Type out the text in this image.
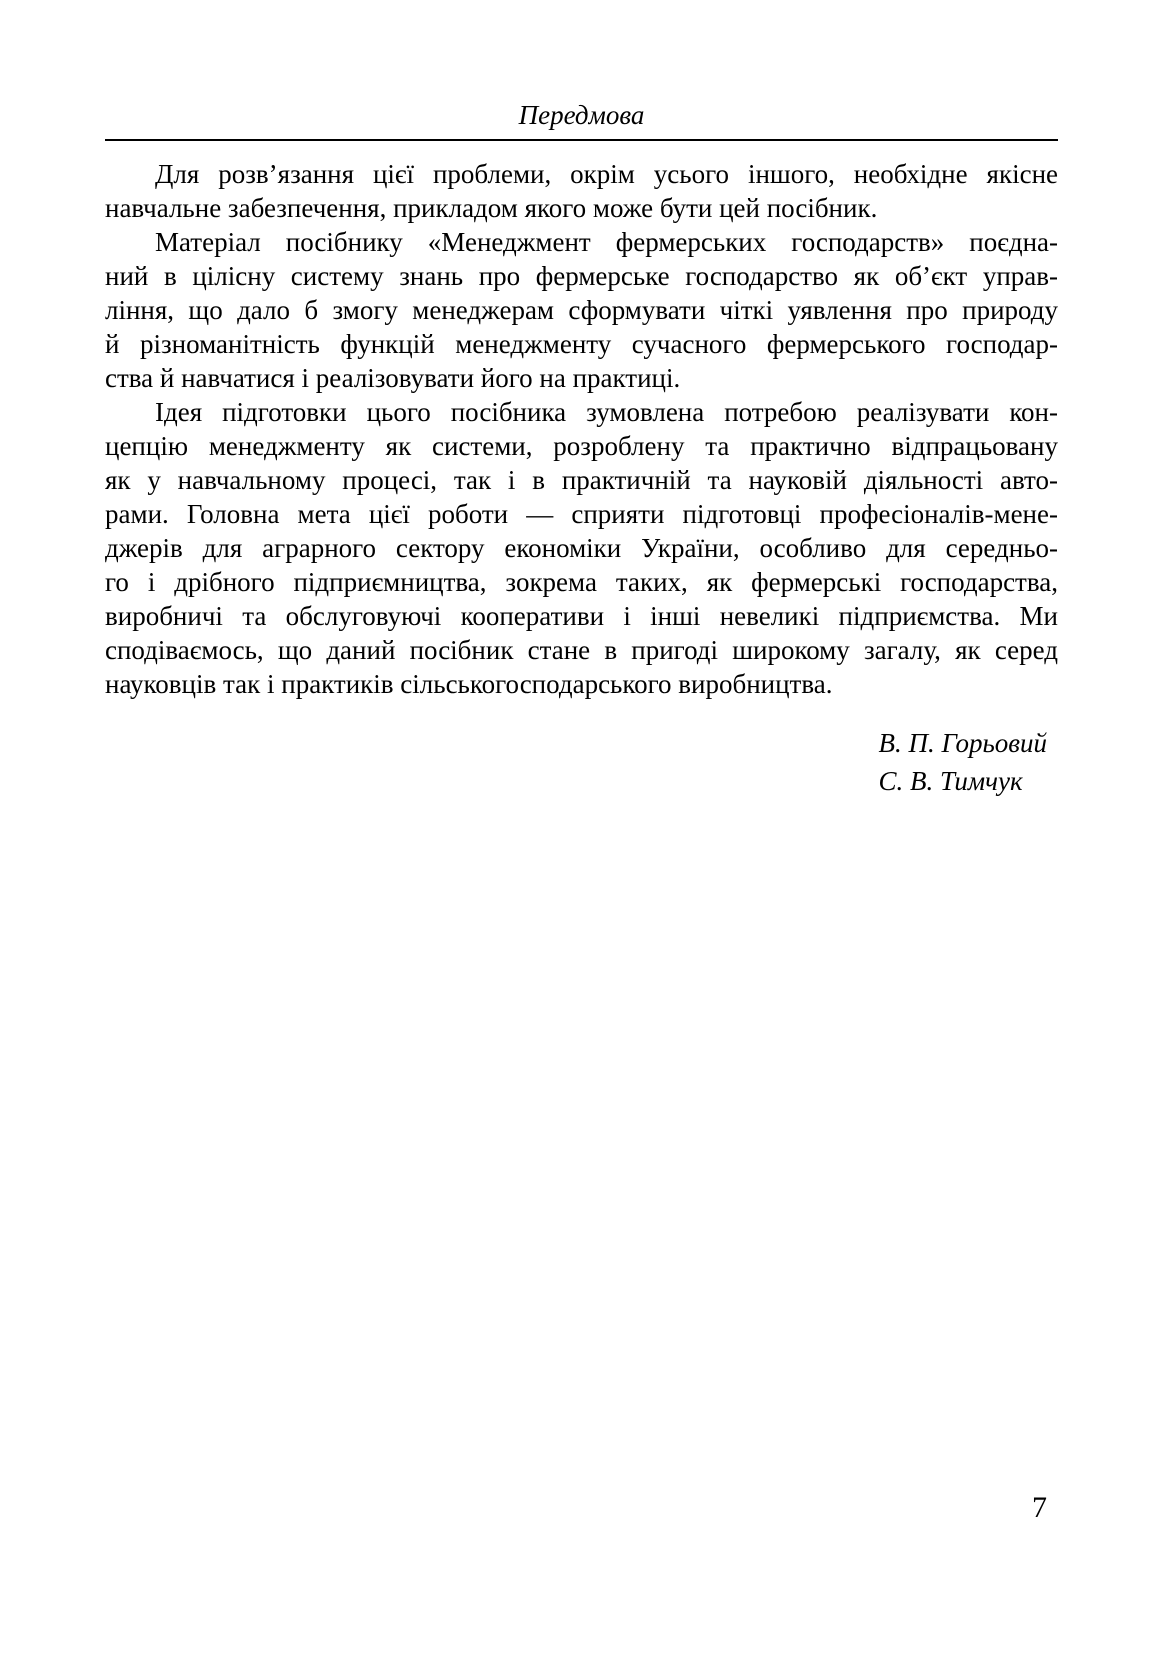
Передмова
Для розв’язання цієї проблеми, окрім усього іншого, необхідне якісне
навчальне забезпечення, прикладом якого може бути цей посібник.
Матеріал посібнику «Менеджмент фермерських господарств» поєдна-
ний в цілісну систему знань про фермерське господарство як об’єкт управ-
ління, що дало б змогу менеджерам сформувати чіткі уявлення про природу
й різноманітність функцій менеджменту сучасного фермерського господар-
ства й навчатися і реалізовувати його на практиці.
Ідея підготовки цього посібника зумовлена потребою реалізувати кон-
цепцію менеджменту як системи, розроблену та практично відпрацьовану
як у навчальному процесі, так і в практичній та науковій діяльності авто-
рами. Головна мета цієї роботи — сприяти підготовці професіоналів-мене-
джерів для аграрного сектору економіки України, особливо для середньо-
го і дрібного підприємництва, зокрема таких, як фермерські господарства,
виробничі та обслуговуючі кооперативи і інші невеликі підприємства. Ми
сподіваємось, що даний посібник стане в пригоді широкому загалу, як серед
науковців так і практиків сільськогосподарського виробництва.
В. П. Горьовий
С. В. Тимчук
7
